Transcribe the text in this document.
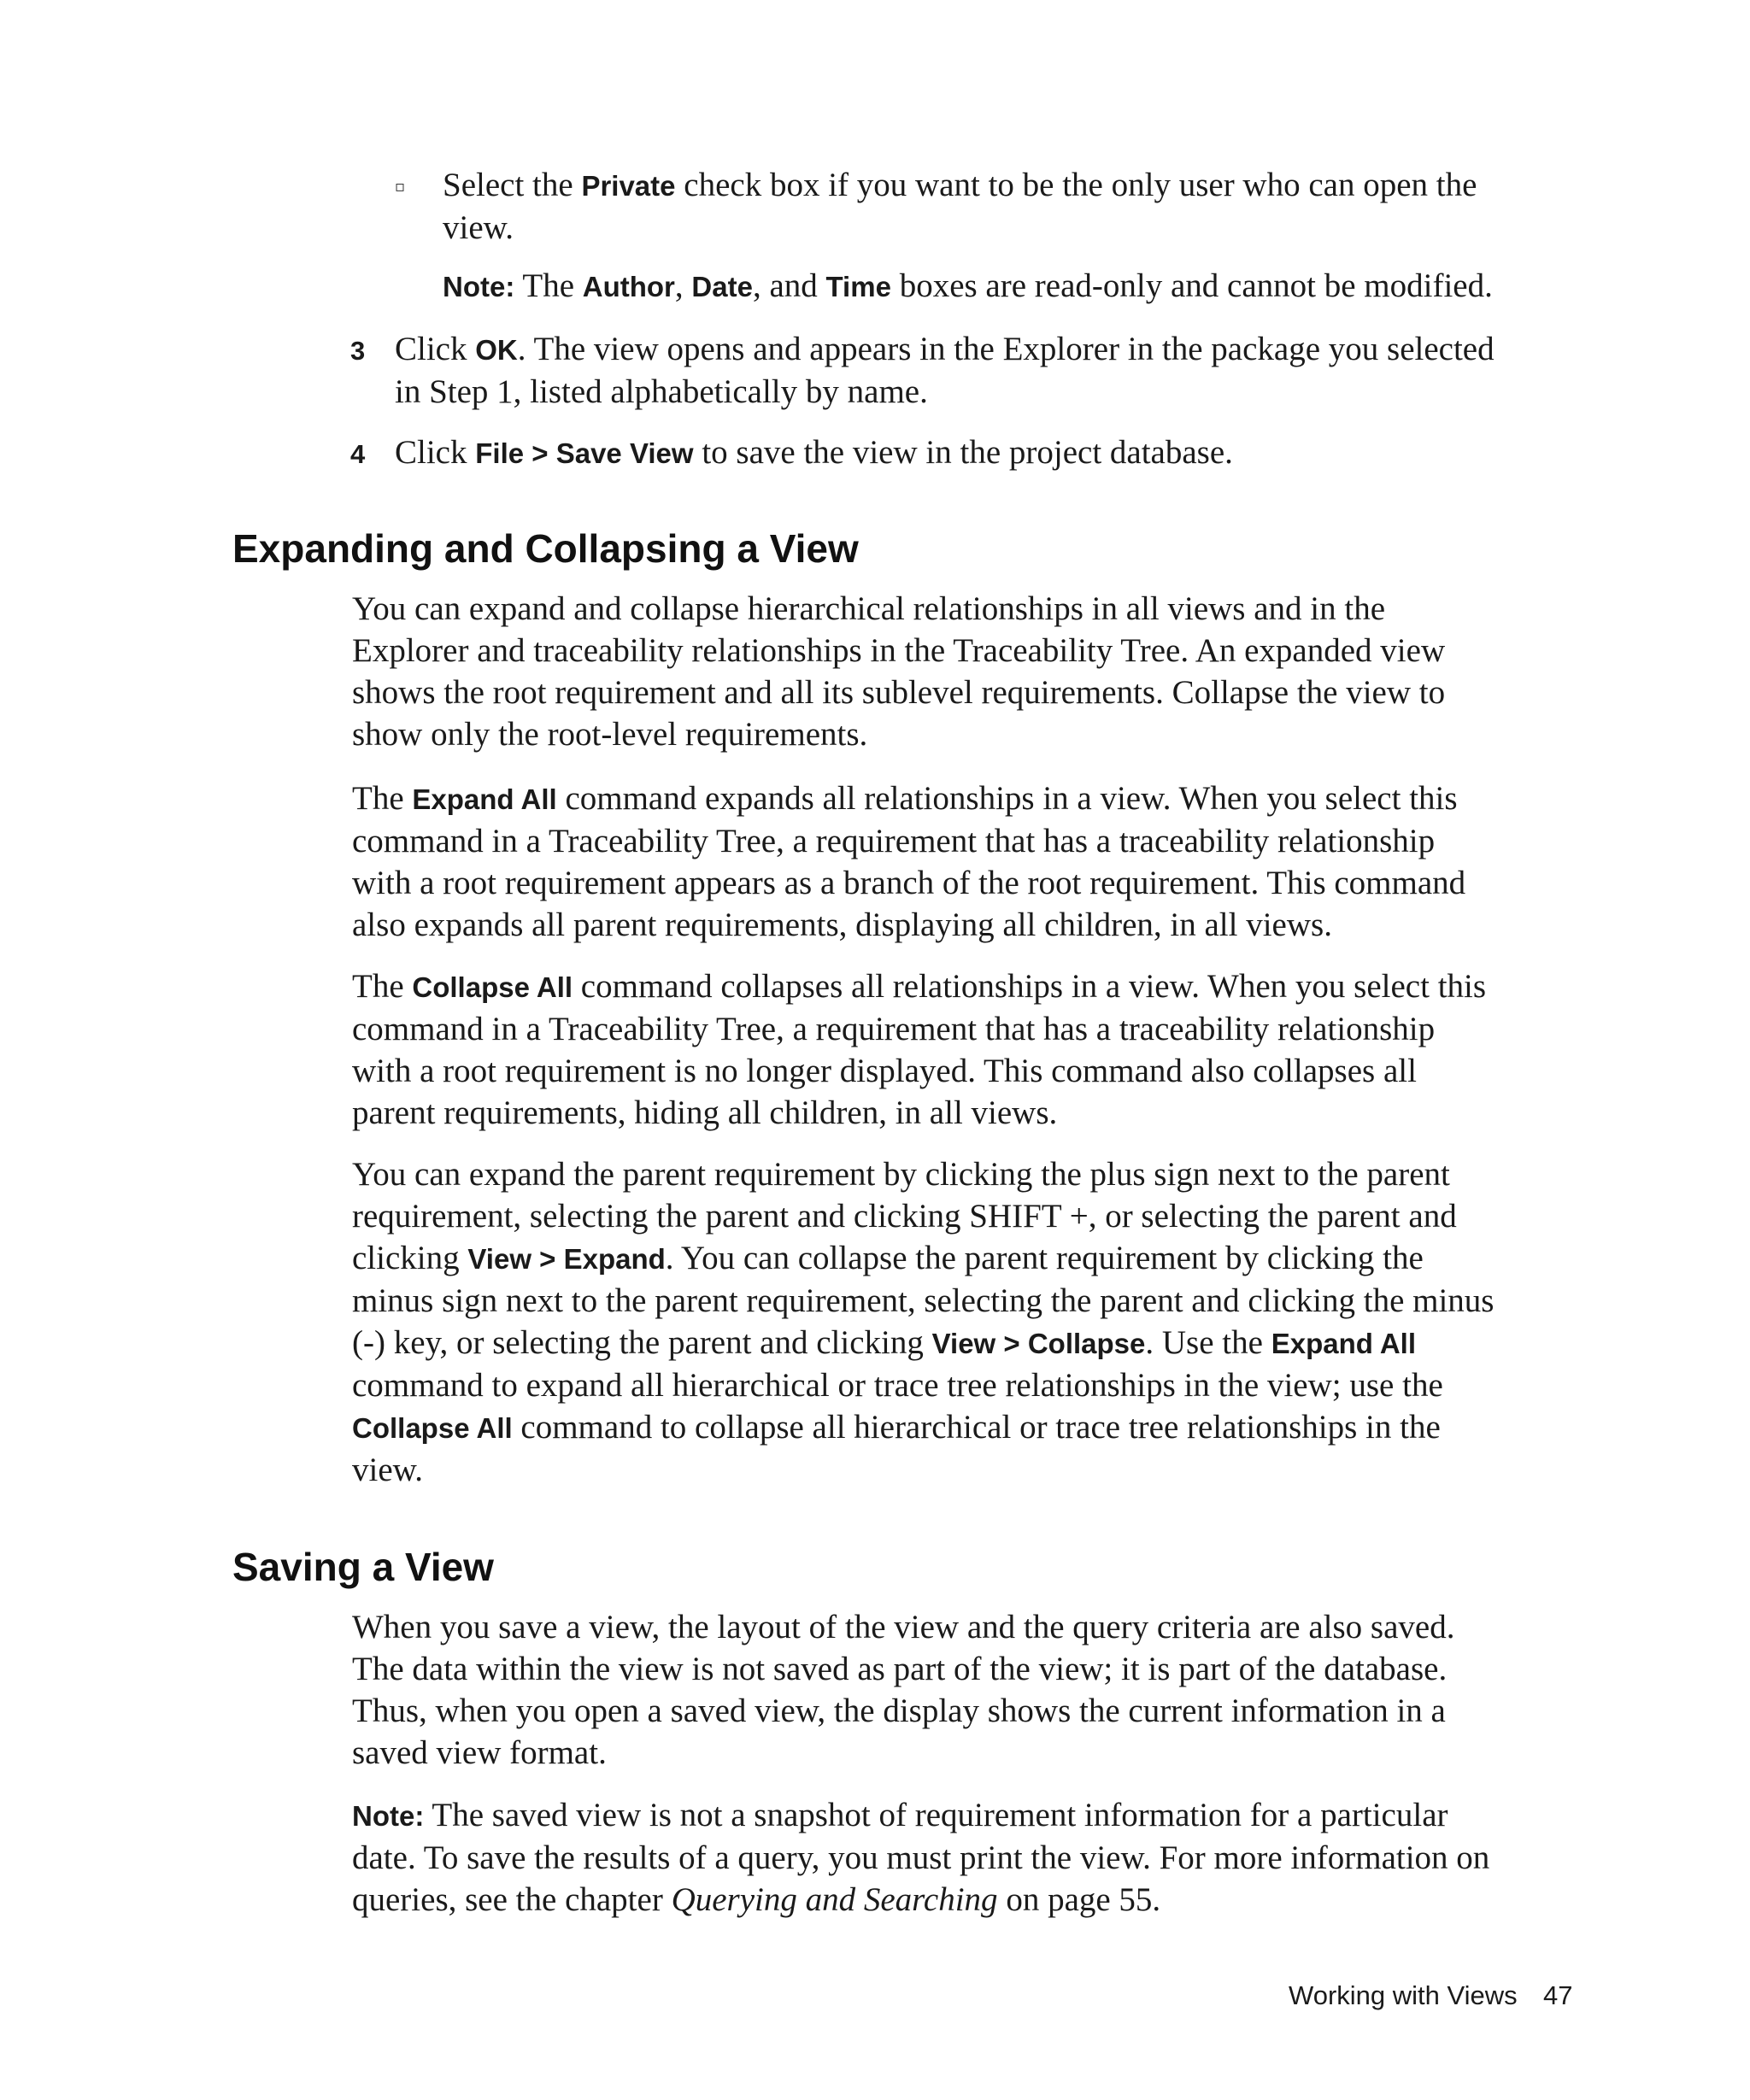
▫ Select the Private check box if you want to be the only user who can open the
view.
Note: The Author, Date, and Time boxes are read-only and cannot be modified.
3 Click OK. The view opens and appears in the Explorer in the package you selected
in Step 1, listed alphabetically by name.
4 Click File > Save View to save the view in the project database.
Expanding and Collapsing a View
You can expand and collapse hierarchical relationships in all views and in the
Explorer and traceability relationships in the Traceability Tree. An expanded view
shows the root requirement and all its sublevel requirements. Collapse the view to
show only the root-level requirements.
The Expand All command expands all relationships in a view. When you select this
command in a Traceability Tree, a requirement that has a traceability relationship
with a root requirement appears as a branch of the root requirement. This command
also expands all parent requirements, displaying all children, in all views.
The Collapse All command collapses all relationships in a view. When you select this
command in a Traceability Tree, a requirement that has a traceability relationship
with a root requirement is no longer displayed. This command also collapses all
parent requirements, hiding all children, in all views.
You can expand the parent requirement by clicking the plus sign next to the parent
requirement, selecting the parent and clicking SHIFT +, or selecting the parent and
clicking View > Expand. You can collapse the parent requirement by clicking the
minus sign next to the parent requirement, selecting the parent and clicking the minus
(-) key, or selecting the parent and clicking View > Collapse. Use the Expand All
command to expand all hierarchical or trace tree relationships in the view; use the
Collapse All command to collapse all hierarchical or trace tree relationships in the
view.
Saving a View
When you save a view, the layout of the view and the query criteria are also saved.
The data within the view is not saved as part of the view; it is part of the database.
Thus, when you open a saved view, the display shows the current information in a
saved view format.
Note: The saved view is not a snapshot of requirement information for a particular
date. To save the results of a query, you must print the view. For more information on
queries, see the chapter Querying and Searching on page 55.
Working with Views 47
